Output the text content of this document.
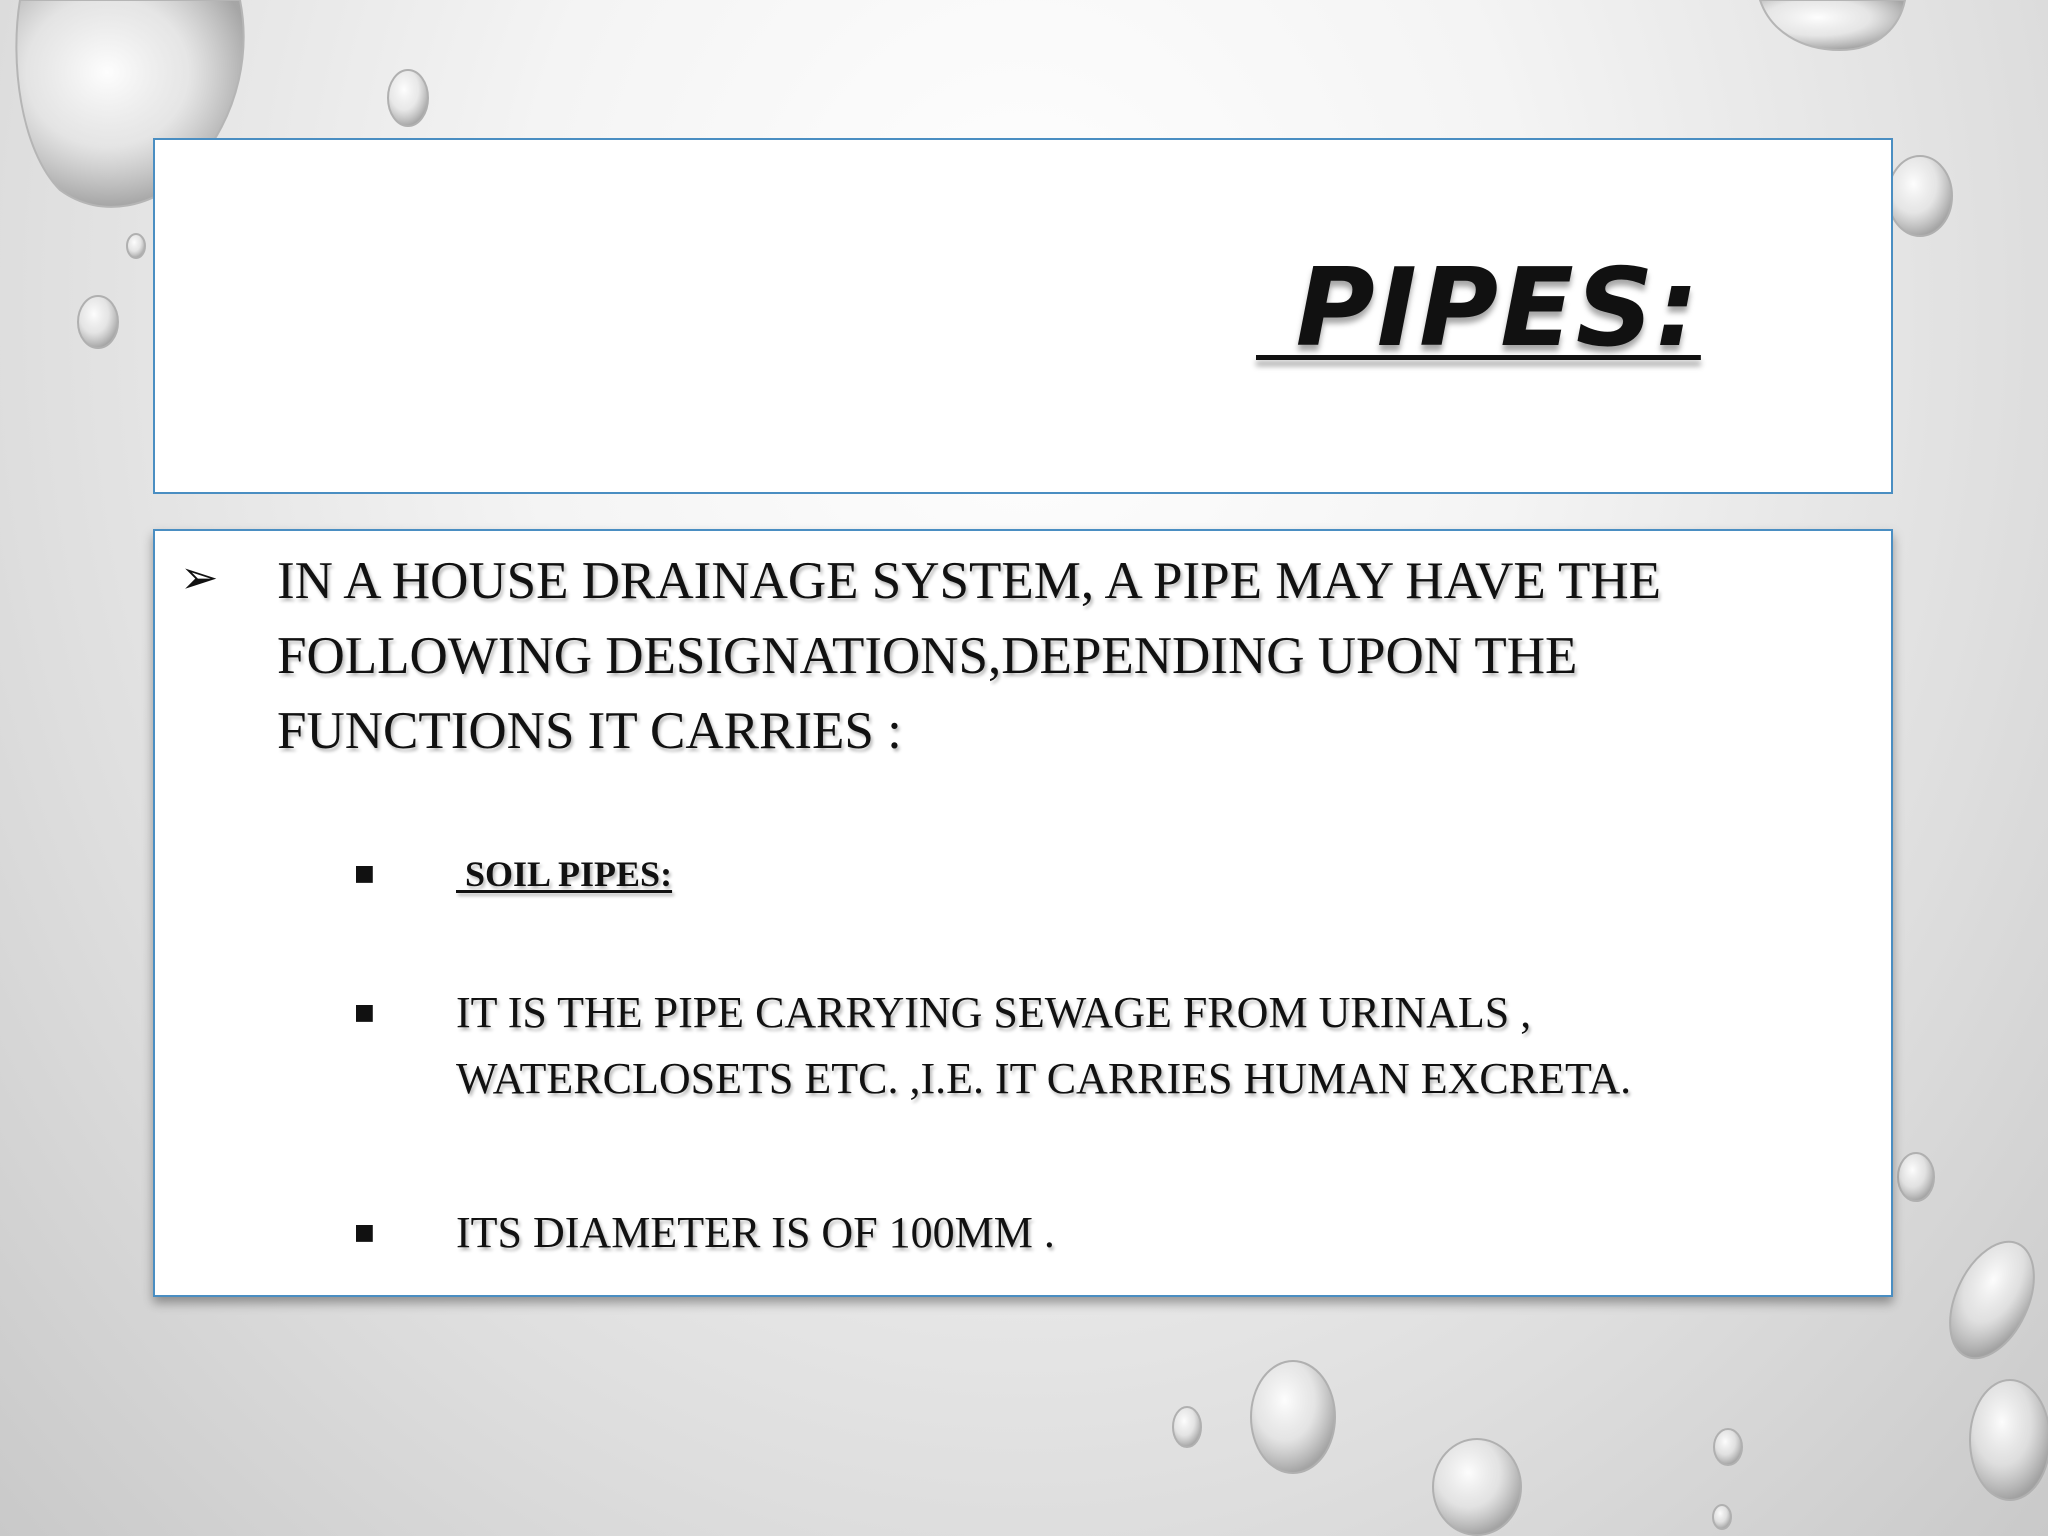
PIPES:
➢ IN A HOUSE DRAINAGE SYSTEM, A PIPE MAY HAVE THE FOLLOWING DESIGNATIONS,DEPENDING UPON THE FUNCTIONS IT CARRIES :
■ SOIL PIPES:
■ IT IS THE PIPE CARRYING SEWAGE FROM URINALS , WATERCLOSETS ETC. ,I.E. IT CARRIES HUMAN EXCRETA.
■ ITS DIAMETER IS OF 100MM .
